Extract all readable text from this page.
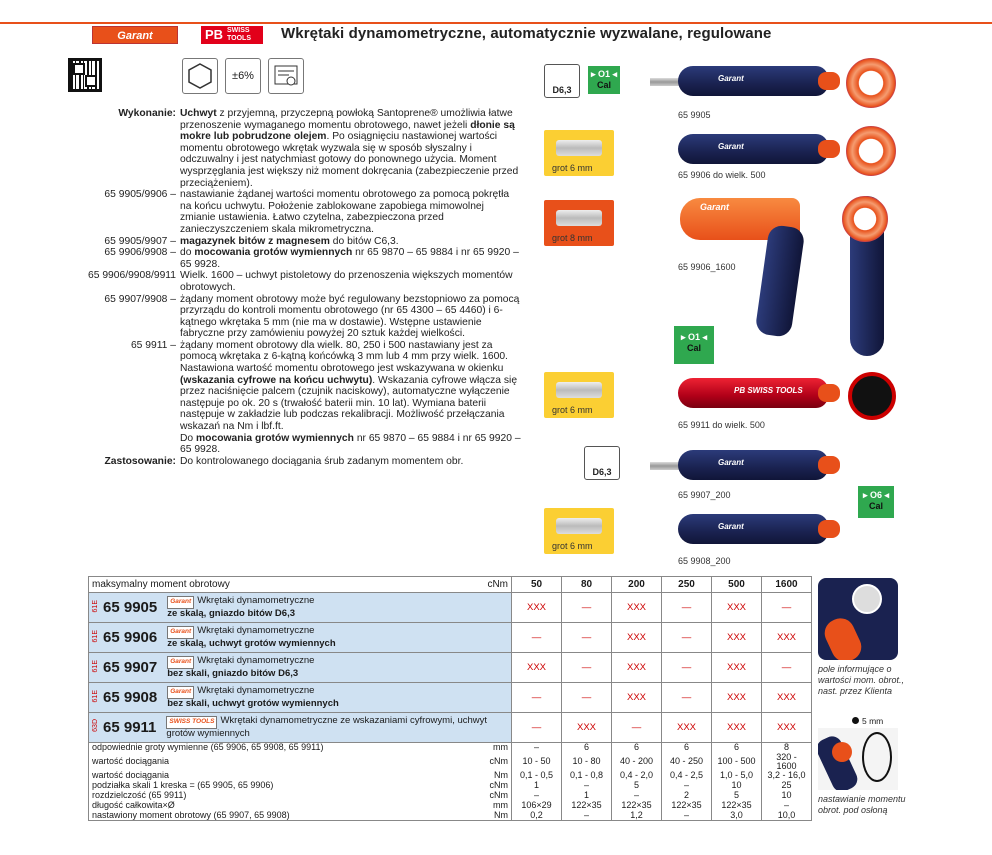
Garant	PB SWISS TOOLS	Wkrętaki dynamometryczne, automatycznie wyzwalane, regulowane
±6%
Wykonanie: Uchwyt z przyjemną, przyczepną powłoką Santoprene® umożliwia łatwe przenoszenie wymaganego momentu obrotowego, nawet jeżeli dłonie są mokre lub pobrudzone olejem. Po osiągnięciu nastawionej wartości momentu obrotowego wkrętak wyzwala się w sposób słyszalny i odczuwalny i jest natychmiast gotowy do ponownego użycia. Moment wysprzęglania jest większy niż moment dokręcania (zabezpieczenie przed przeciążeniem).
65 9905/9906 – nastawianie żądanej wartości momentu obrotowego za pomocą pokrętła na końcu uchwytu. Położenie zablokowane zapobiega mimowolnej zmianie ustawienia. Łatwo czytelna, zabezpieczona przed zanieczyszczeniem skala mikrometryczna.
65 9905/9907 – magazynek bitów z magnesem do bitów C6,3.
65 9906/9908 – do mocowania grotów wymiennych nr 65 9870 – 65 9884 i nr 65 9920 – 65 9928.
65 9906/9908/9911 Wielk. 1600 – uchwyt pistoletowy do przenoszenia większych momentów obrotowych.
65 9907/9908 – żądany moment obrotowy może być regulowany bezstopniowo za pomocą przyrządu do kontroli momentu obrotowego (nr 65 4300 – 65 4460) i 6-kątnego wkrętaka 5 mm (nie ma w dostawie). Wstępne ustawienie fabryczne przy zamówieniu powyżej 20 sztuk każdej wielkości.
65 9911 – żądany moment obrotowy dla wielk. 80, 250 i 500 nastawiany jest za pomocą wkrętaka z 6-kątną końcówką 3 mm lub 4 mm przy wielk. 1600. Nastawiona wartość momentu obrotowego jest wskazywana w okienku (wskazania cyfrowe na końcu uchwytu). Wskazania cyfrowe włącza się przez naciśnięcie palcem (czujnik naciskowy), automatyczne wyłączenie następuje po ok. 20 s (trwałość baterii min. 10 lat). Wymiana baterii następuje w zakładzie lub podczas rekalibracji. Możliwość przełączania wskazań na Nm i lbf.ft.
Do mocowania grotów wymiennych nr 65 9870 – 65 9884 i nr 65 9920 – 65 9928.
Zastosowanie: Do kontrolowanego dociągania śrub zadanym momentem obr.
D6,3
▸ O1 ◂
Cal
Garant
65 9905
grot 6 mm
Garant
65 9906 do wielk. 500
grot 8 mm
Garant
65 9906_1600
▸ O1 ◂
Cal
grot 6 mm
PB SWISS TOOLS
65 9911 do wielk. 500
D6,3
Garant
65 9907_200	▸ O6 ◂
Cal
grot 6 mm
Garant
65 9908_200
maksymalny moment obrotowy cNm	50	80	200	250	500	1600

61E 65 9905 Garant Wkrętaki dynamometryczne
ze skalą, gniazdo bitów D6,3	XXX	—	XXX	—	XXX	—

61E 65 9906 Garant Wkrętaki dynamometryczne
ze skalą, uchwyt grotów wymiennych	—	—	XXX	—	XXX	XXX

61E 65 9907 Garant Wkrętaki dynamometryczne
bez skali, gniazdo bitów D6,3	XXX	—	XXX	—	XXX	—

61E 65 9908 Garant Wkrętaki dynamometryczne
bez skali, uchwyt grotów wymiennych	—	—	XXX	—	XXX	XXX

63D 65 9911 SWISS TOOLS Wkrętaki dynamometryczne ze wskazaniami cyfrowymi, uchwyt grotów wymiennych	—	XXX	—	XXX	XXX	XXX
odpowiednie groty wymienne (65 9906, 65 9908, 65 9911) mm	–	6	6	6	6	8
wartość dociągania cNm	10 - 50	10 - 80	40 - 200	40 - 250	100 - 500	320 - 1600
wartość dociągania Nm	0,1 - 0,5	0,1 - 0,8	0,4 - 2,0	0,4 - 2,5	1,0 - 5,0	3,2 - 16,0
podziałka skali 1 kreska = (65 9905, 65 9906) cNm	1	–	5	–	10	25
rozdzielczość (65 9911) cNm	–	1	–	2	5	10
długość całkowita×Ø mm	106×29	122×35	122×35	122×35	122×35	–
nastawiony moment obrotowy (65 9907, 65 9908) Nm	0,2	–	1,2	–	3,0	10,0
pole informujące o wartości mom. obrot., nast. przez Klienta
5 mm
nastawianie momentu obrot. pod osłoną
